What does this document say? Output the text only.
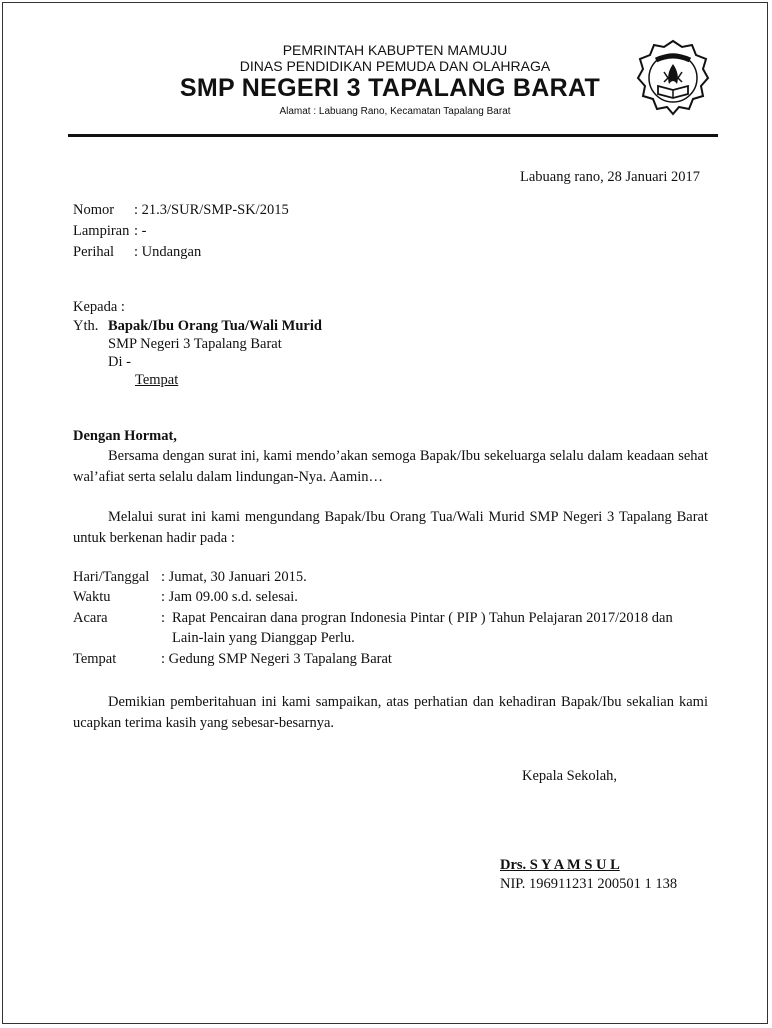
PEMRINTAH KABUPTEN MAMUJU
DINAS PENDIDIKAN PEMUDA DAN OLAHRAGA
SMP NEGERI 3 TAPALANG BARAT
Alamat : Labuang Rano, Kecamatan Tapalang Barat
Labuang rano, 28 Januari 2017
Nomor : 21.3/SUR/SMP-SK/2015
Lampiran : -
Perihal : Undangan
Kepada :
Yth. Bapak/Ibu Orang Tua/Wali Murid
SMP Negeri 3 Tapalang Barat
Di -
Tempat
Dengan Hormat,
Bersama dengan surat ini, kami mendo’akan semoga Bapak/Ibu sekeluarga selalu dalam keadaan sehat wal’afiat serta selalu dalam lindungan-Nya. Aamin…
Melalui surat ini kami mengundang Bapak/Ibu Orang Tua/Wali Murid SMP Negeri 3 Tapalang Barat untuk berkenan hadir pada :
Hari/Tanggal : Jumat, 30 Januari 2015.
Waktu	: Jam 09.00 s.d. selesai.
Acara	: Rapat Pencairan dana progran Indonesia Pintar ( PIP ) Tahun Pelajaran 2017/2018 dan
Lain-lain yang Dianggap Perlu.
Tempat	: Gedung SMP Negeri 3 Tapalang Barat
Demikian pemberitahuan ini kami sampaikan, atas perhatian dan kehadiran Bapak/Ibu sekalian kami ucapkan terima kasih yang sebesar-besarnya.
Kepala Sekolah,
Drs. S Y A M S U L
NIP. 196911231 200501 1 138
